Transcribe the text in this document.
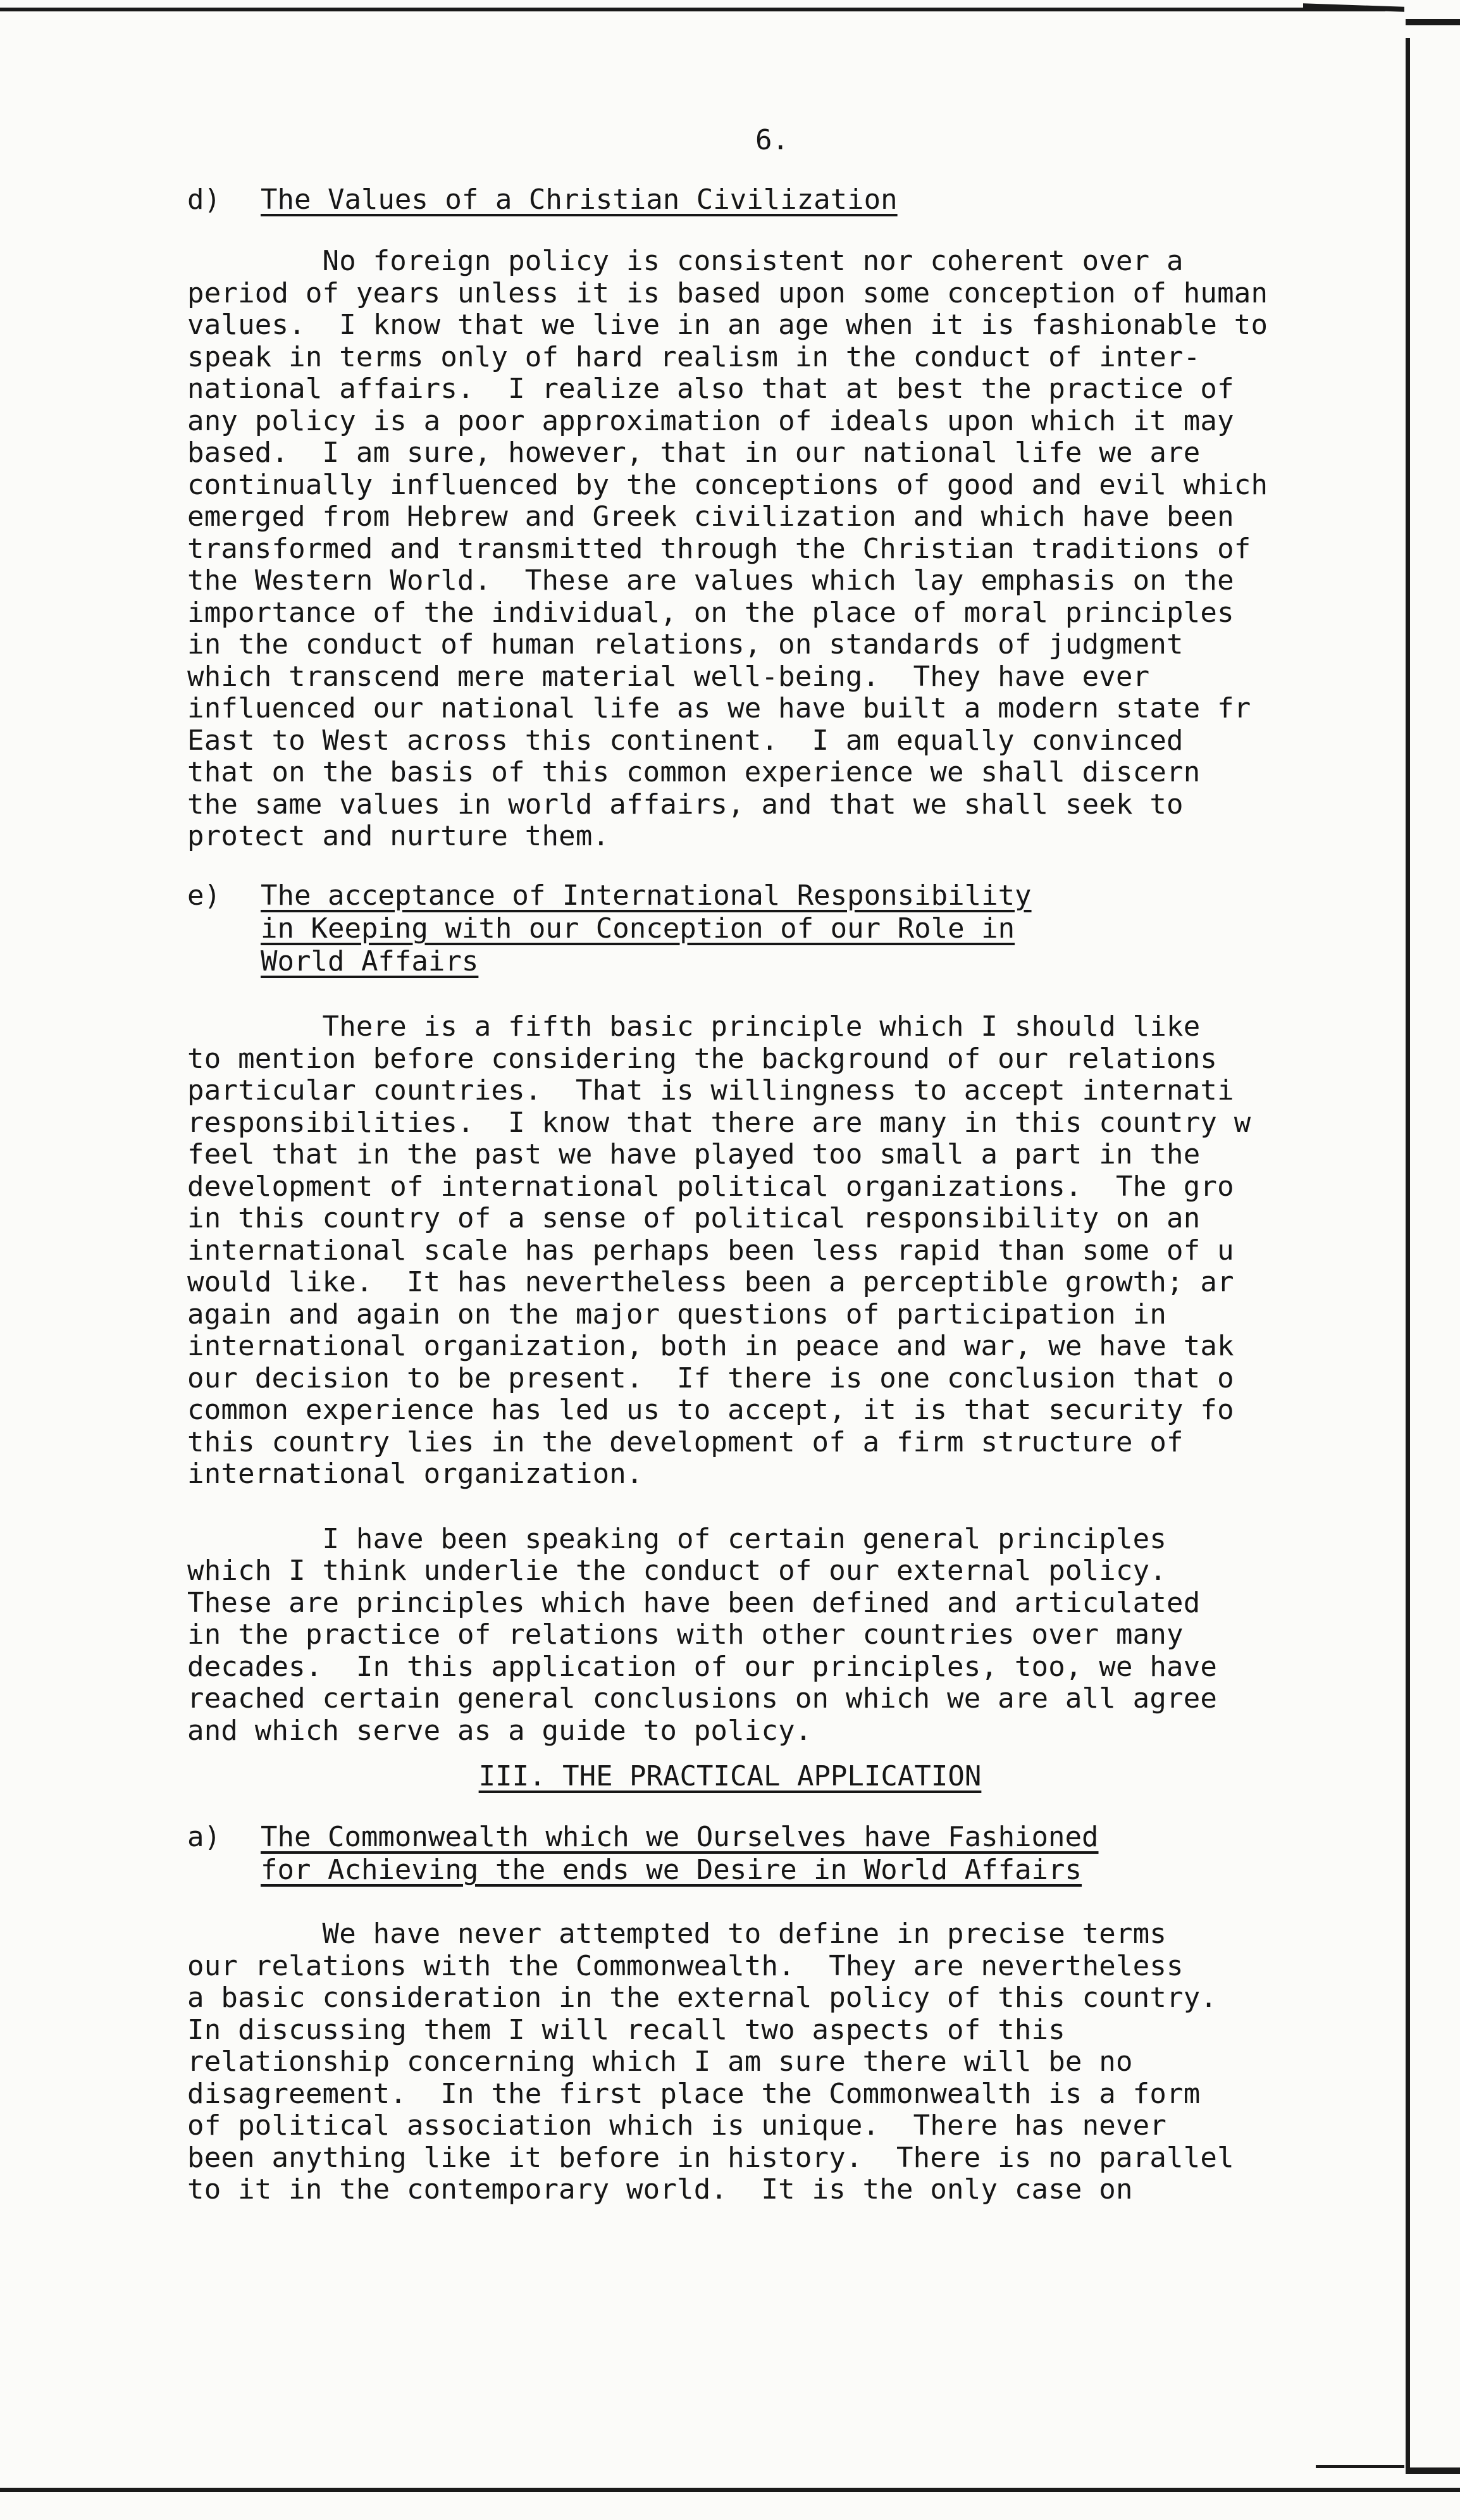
6.
d)	The Values of a Christian Civilization
No foreign policy is consistent nor coherent over a
period of years unless it is based upon some conception of human
values.  I know that we live in an age when it is fashionable to
speak in terms only of hard realism in the conduct of inter-
national affairs.  I realize also that at best the practice of
any policy is a poor approximation of ideals upon which it may
based.  I am sure, however, that in our national life we are
continually influenced by the conceptions of good and evil which
emerged from Hebrew and Greek civilization and which have been
transformed and transmitted through the Christian traditions of
the Western World.  These are values which lay emphasis on the
importance of the individual, on the place of moral principles
in the conduct of human relations, on standards of judgment
which transcend mere material well-being.  They have ever
influenced our national life as we have built a modern state fr
East to West across this continent.  I am equally convinced
that on the basis of this common experience we shall discern
the same values in world affairs, and that we shall seek to
protect and nurture them.
e)	The acceptance of International Responsibility
in Keeping with our Conception of our Role in
World Affairs
There is a fifth basic principle which I should like
to mention before considering the background of our relations
particular countries.  That is willingness to accept internati
responsibilities.  I know that there are many in this country w
feel that in the past we have played too small a part in the
development of international political organizations.  The gro
in this country of a sense of political responsibility on an
international scale has perhaps been less rapid than some of u
would like.  It has nevertheless been a perceptible growth; ar
again and again on the major questions of participation in
international organization, both in peace and war, we have tak
our decision to be present.  If there is one conclusion that o
common experience has led us to accept, it is that security fo
this country lies in the development of a firm structure of
international organization.
I have been speaking of certain general principles
which I think underlie the conduct of our external policy.
These are principles which have been defined and articulated
in the practice of relations with other countries over many
decades.  In this application of our principles, too, we have
reached certain general conclusions on which we are all agree
and which serve as a guide to policy.
III. THE PRACTICAL APPLICATION
a)	The Commonwealth which we Ourselves have Fashioned
for Achieving the ends we Desire in World Affairs
We have never attempted to define in precise terms
our relations with the Commonwealth.  They are nevertheless
a basic consideration in the external policy of this country.
In discussing them I will recall two aspects of this
relationship concerning which I am sure there will be no
disagreement.  In the first place the Commonwealth is a form
of political association which is unique.  There has never
been anything like it before in history.  There is no parallel
to it in the contemporary world.  It is the only case on
